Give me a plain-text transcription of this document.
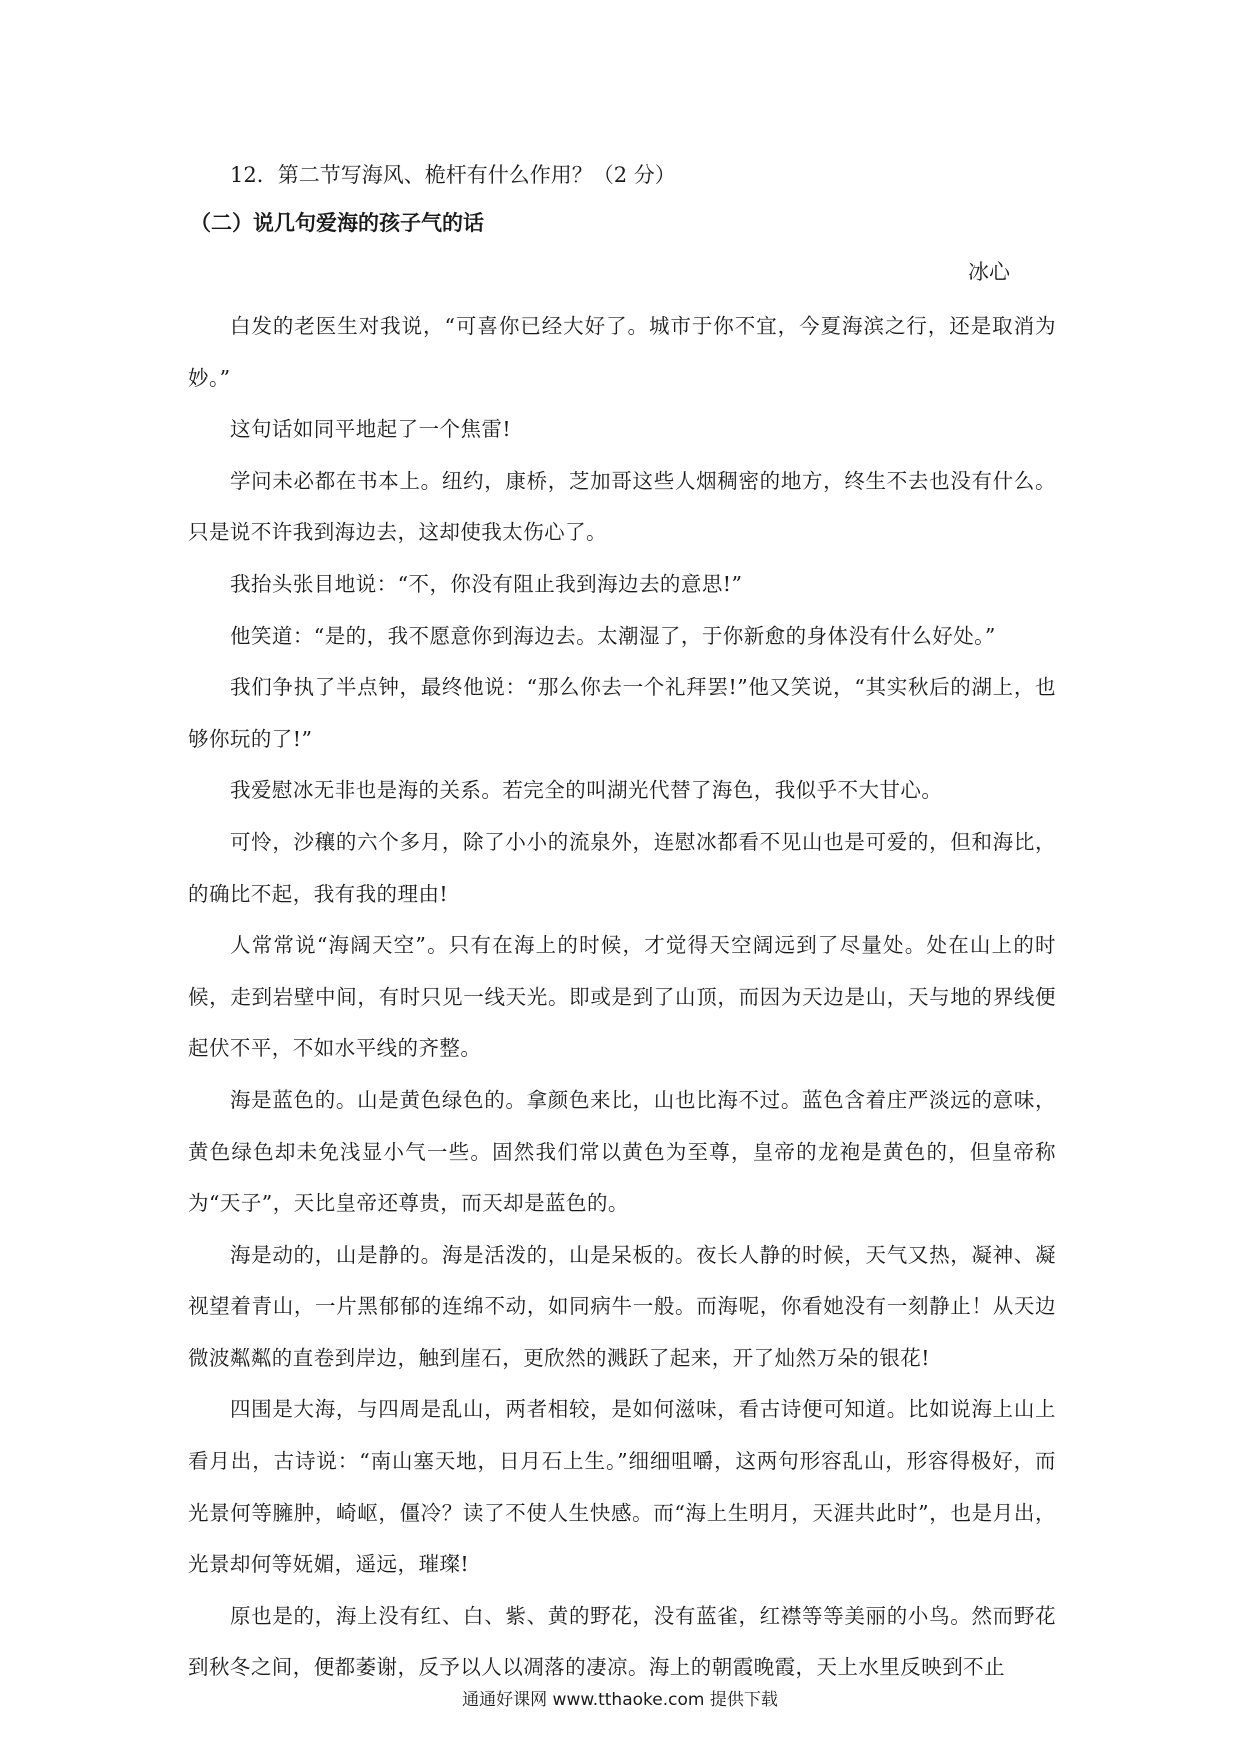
12．第二节写海风、桅杆有什么作用？（2 分）
（二）说几句爱海的孩子气的话
冰心

白发的老医生对我说，“可喜你已经大好了。城市于你不宜，今夏海滨之行，还是取消为妙。”

这句话如同平地起了一个焦雷!

学问未必都在书本上。纽约，康桥，芝加哥这些人烟稠密的地方，终生不去也没有什么。只是说不许我到海边去，这却使我太伤心了。

我抬头张目地说：“不，你没有阻止我到海边去的意思!”

他笑道：“是的，我不愿意你到海边去。太潮湿了，于你新愈的身体没有什么好处。”

我们争执了半点钟，最终他说：“那么你去一个礼拜罢!”他又笑说，“其实秋后的湖上，也够你玩的了!”

我爱慰冰无非也是海的关系。若完全的叫湖光代替了海色，我似乎不大甘心。

可怜，沙穰的六个多月，除了小小的流泉外，连慰冰都看不见山也是可爱的，但和海比，的确比不起，我有我的理由!

人常常说“海阔天空”。只有在海上的时候，才觉得天空阔远到了尽量处。处在山上的时候，走到岩壁中间，有时只见一线天光。即或是到了山顶，而因为天边是山，天与地的界线便起伏不平，不如水平线的齐整。

海是蓝色的。山是黄色绿色的。拿颜色来比，山也比海不过。蓝色含着庄严淡远的意味，黄色绿色却未免浅显小气一些。固然我们常以黄色为至尊，皇帝的龙袍是黄色的，但皇帝称为“天子”，天比皇帝还尊贵，而天却是蓝色的。

海是动的，山是静的。海是活泼的，山是呆板的。夜长人静的时候，天气又热，凝神、凝视望着青山，一片黑郁郁的连绵不动，如同病牛一般。而海呢，你看她没有一刻静止！从天边微波粼粼的直卷到岸边，触到崖石，更欣然的溅跃了起来，开了灿然万朵的银花!

四围是大海，与四周是乱山，两者相较，是如何滋味，看古诗便可知道。比如说海上山上看月出，古诗说：“南山塞天地，日月石上生。”细细咀嚼，这两句形容乱山，形容得极好，而光景何等臃肿，崎岖，僵冷？读了不使人生快感。而“海上生明月，天涯共此时”，也是月出，光景却何等妩媚，遥远，璀璨!

原也是的，海上没有红、白、紫、黄的野花，没有蓝雀，红襟等等美丽的小鸟。然而野花到秋冬之间，便都萎谢，反予以人以凋落的凄凉。海上的朝霞晚霞，天上水里反映到不止

通通好课网 www.tthaoke.com 提供下载
